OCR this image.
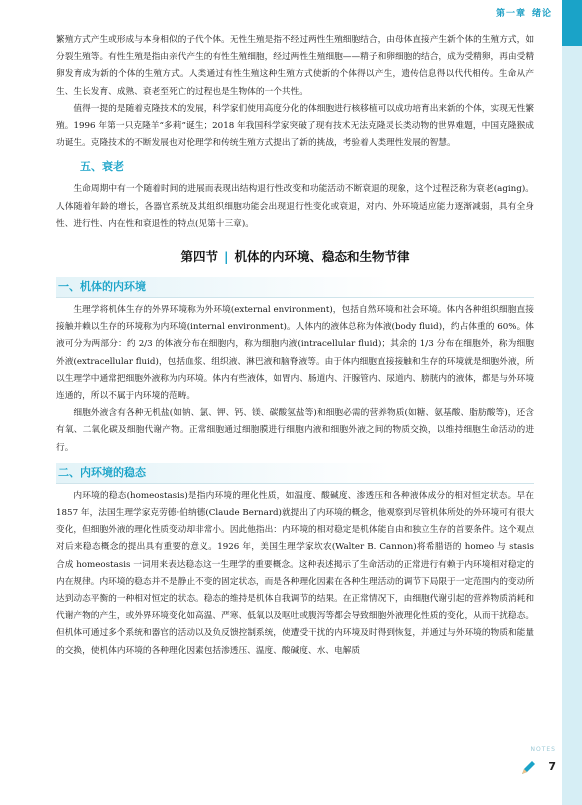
第一章 绪论

繁殖方式产生或形成与本身相似的子代个体。无性生殖是指不经过两性生殖细胞结合，由母体直接产生新个体的生殖方式，如分裂生殖等。有性生殖是指由亲代产生的有性生殖细胞，经过两性生殖细胞——精子和卵细胞的结合，成为受精卵，再由受精卵发育成为新的个体的生殖方式。人类通过有性生殖这种生殖方式使新的个体得以产生，遗传信息得以代代相传。生命从产生、生长发育、成熟、衰老至死亡的过程也是生物体的一个共性。

值得一提的是随着克隆技术的发展，科学家们使用高度分化的体细胞进行核移植可以成功培育出来新的个体，实现无性繁殖。1996 年第一只克隆羊“多莉”诞生；2018 年我国科学家突破了现有技术无法克隆灵长类动物的世界难题，中国克隆猴成功诞生。克隆技术的不断发展也对伦理学和传统生殖方式提出了新的挑战，考验着人类理性发展的智慧。

五、衰老

生命周期中有一个随着时间的进展而表现出结构退行性改变和功能活动不断衰退的现象，这个过程泛称为衰老(aging)。人体随着年龄的增长，各器官系统及其组织细胞功能会出现退行性变化或衰退，对内、外环境适应能力逐渐减弱，具有全身性、进行性、内在性和衰退性的特点(见第十三章)。

第四节 | 机体的内环境、稳态和生物节律
一、机体的内环境

生理学将机体生存的外界环境称为外环境(external environment)，包括自然环境和社会环境。体内各种组织细胞直接接触并赖以生存的环境称为内环境(internal environment)。人体内的液体总称为体液(body fluid)，约占体重的 60%。体液可分为两部分：约 2/3 的体液分布在细胞内，称为细胞内液(intracellular fluid)；其余的 1/3 分布在细胞外，称为细胞外液(extracellular fluid)，包括血浆、组织液、淋巴液和脑脊液等。由于体内细胞直接接触和生存的环境就是细胞外液，所以生理学中通常把细胞外液称为内环境。体内有些液体，如胃内、肠道内、汗腺管内、尿道内、膀胱内的液体，都是与外环境连通的，所以不属于内环境的范畴。

细胞外液含有各种无机盐(如钠、氯、钾、钙、镁、碳酸氢盐等)和细胞必需的营养物质(如糖、氨基酸、脂肪酸等)，还含有氧、二氧化碳及细胞代谢产物。正常细胞通过细胞膜进行细胞内液和细胞外液之间的物质交换，以维持细胞生命活动的进行。

二、内环境的稳态

内环境的稳态(homeostasis)是指内环境的理化性质，如温度、酸碱度、渗透压和各种液体成分的相对恒定状态。早在 1857 年，法国生理学家克劳德·伯纳德(Claude Bernard)就提出了内环境的概念，他观察到尽管机体所处的外环境可有很大变化，但细胞外液的理化性质变动却非常小。因此他指出：内环境的相对稳定是机体能自由和独立生存的首要条件。这个观点对后来稳态概念的提出具有重要的意义。1926 年，美国生理学家坎农(Walter B. Cannon)将希腊语的 homeo 与 stasis 合成 homeostasis 一词用来表达稳态这一生理学的重要概念。这种表述揭示了生命活动的正常进行有赖于内环境相对稳定的内在规律。内环境的稳态并不是静止不变的固定状态，而是各种理化因素在各种生理活动的调节下局限于一定范围内的变动所达到动态平衡的一种相对恒定的状态。稳态的维持是机体自我调节的结果。在正常情况下，由细胞代谢引起的营养物质消耗和代谢产物的产生，或外界环境变化如高温、严寒、低氧以及呕吐或腹泻等都会导致细胞外液理化性质的变化，从而干扰稳态。但机体可通过多个系统和器官的活动以及负反馈控制系统，使遭受干扰的内环境及时得到恢复，并通过与外环境的物质和能量的交换，使机体内环境的各种理化因素包括渗透压、温度、酸碱度、水、电解质

NOTES
7
